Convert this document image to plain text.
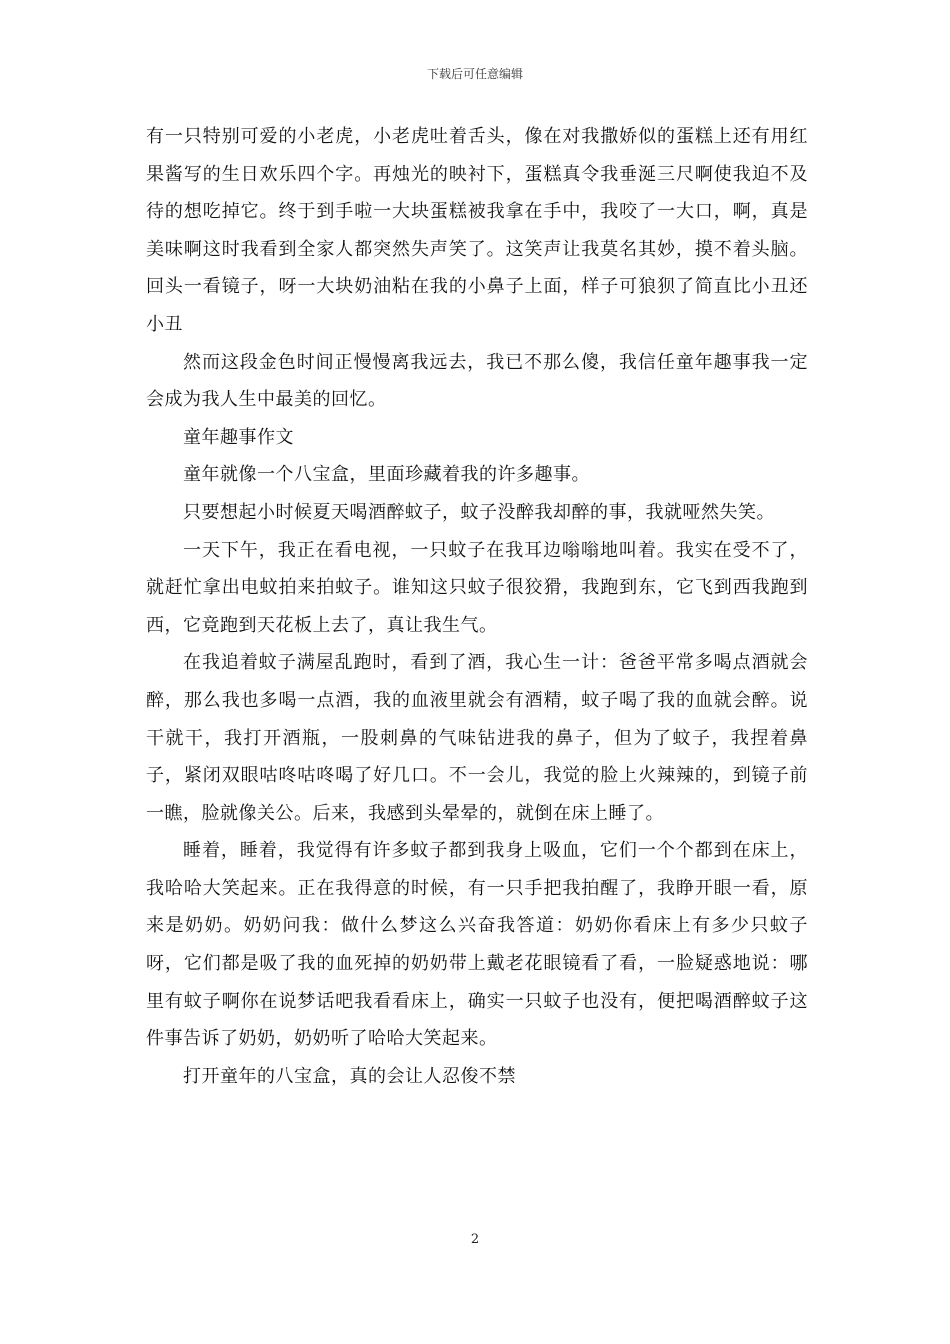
下载后可任意编辑

有一只特别可爱的小老虎，小老虎吐着舌头，像在对我撒娇似的蛋糕上还有用红果酱写的生日欢乐四个字。再烛光的映衬下，蛋糕真令我垂涎三尺啊使我迫不及待的想吃掉它。终于到手啦一大块蛋糕被我拿在手中，我咬了一大口，啊，真是美味啊这时我看到全家人都突然失声笑了。这笑声让我莫名其妙，摸不着头脑。回头一看镜子，呀一大块奶油粘在我的小鼻子上面，样子可狼狈了简直比小丑还小丑

然而这段金色时间正慢慢离我远去，我已不那么傻，我信任童年趣事我一定会成为我人生中最美的回忆。

童年趣事作文

童年就像一个八宝盒，里面珍藏着我的许多趣事。

只要想起小时候夏天喝酒醉蚊子，蚊子没醉我却醉的事，我就哑然失笑。

一天下午，我正在看电视，一只蚊子在我耳边嗡嗡地叫着。我实在受不了，就赶忙拿出电蚊拍来拍蚊子。谁知这只蚊子很狡猾，我跑到东，它飞到西我跑到西，它竟跑到天花板上去了，真让我生气。

在我追着蚊子满屋乱跑时，看到了酒，我心生一计：爸爸平常多喝点酒就会醉，那么我也多喝一点酒，我的血液里就会有酒精，蚊子喝了我的血就会醉。说干就干，我打开酒瓶，一股刺鼻的气味钻进我的鼻子，但为了蚊子，我捏着鼻子，紧闭双眼咕咚咕咚喝了好几口。不一会儿，我觉的脸上火辣辣的，到镜子前一瞧，脸就像关公。后来，我感到头晕晕的，就倒在床上睡了。

睡着，睡着，我觉得有许多蚊子都到我身上吸血，它们一个个都到在床上，我哈哈大笑起来。正在我得意的时候，有一只手把我拍醒了，我睁开眼一看，原来是奶奶。奶奶问我：做什么梦这么兴奋我答道：奶奶你看床上有多少只蚊子呀，它们都是吸了我的血死掉的奶奶带上戴老花眼镜看了看，一脸疑惑地说：哪里有蚊子啊你在说梦话吧我看看床上，确实一只蚊子也没有，便把喝酒醉蚊子这件事告诉了奶奶，奶奶听了哈哈大笑起来。

打开童年的八宝盒，真的会让人忍俊不禁

2
